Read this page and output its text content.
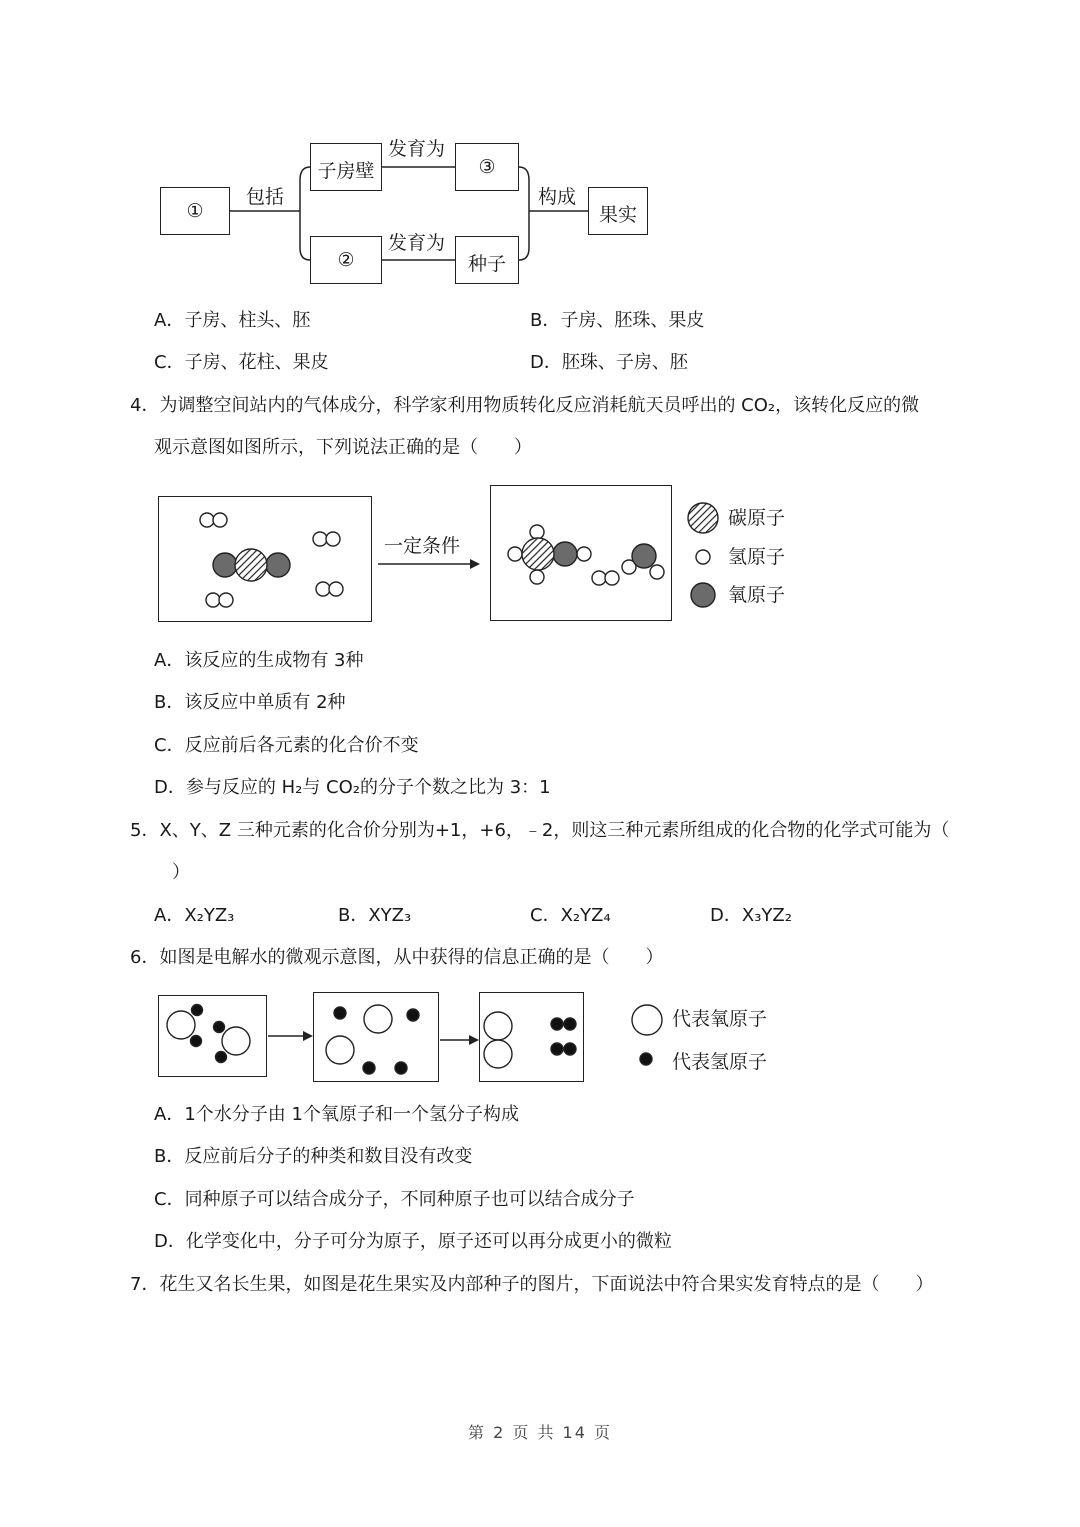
①
包括
子房壁
发育为
③
②
发育为
种子
构成
果实
A．子房、柱头、胚	B．子房、胚珠、果皮
C．子房、花柱、果皮	D．胚珠、子房、胚
4．为调整空间站内的气体成分，科学家利用物质转化反应消耗航天员呼出的 CO₂，该转化反应的微
观示意图如图所示，下列说法正确的是（　　）
一定条件
碳原子
氢原子
氧原子
A．该反应的生成物有 3种
B．该反应中单质有 2种
C．反应前后各元素的化合价不变
D．参与反应的 H₂与 CO₂的分子个数之比为 3：1
5．X、Y、Z 三种元素的化合价分别为+1，+6，﹣2，则这三种元素所组成的化合物的化学式可能为（
）
A．X₂YZ₃	B．XYZ₃	C．X₂YZ₄	D．X₃YZ₂
6．如图是电解水的微观示意图，从中获得的信息正确的是（　　）
代表氧原子
代表氢原子
A．1个水分子由 1个氧原子和一个氢分子构成
B．反应前后分子的种类和数目没有改变
C．同种原子可以结合成分子，不同种原子也可以结合成分子
D．化学变化中，分子可分为原子，原子还可以再分成更小的微粒
7．花生又名长生果，如图是花生果实及内部种子的图片，下面说法中符合果实发育特点的是（　　）
第 2 页 共 14 页
